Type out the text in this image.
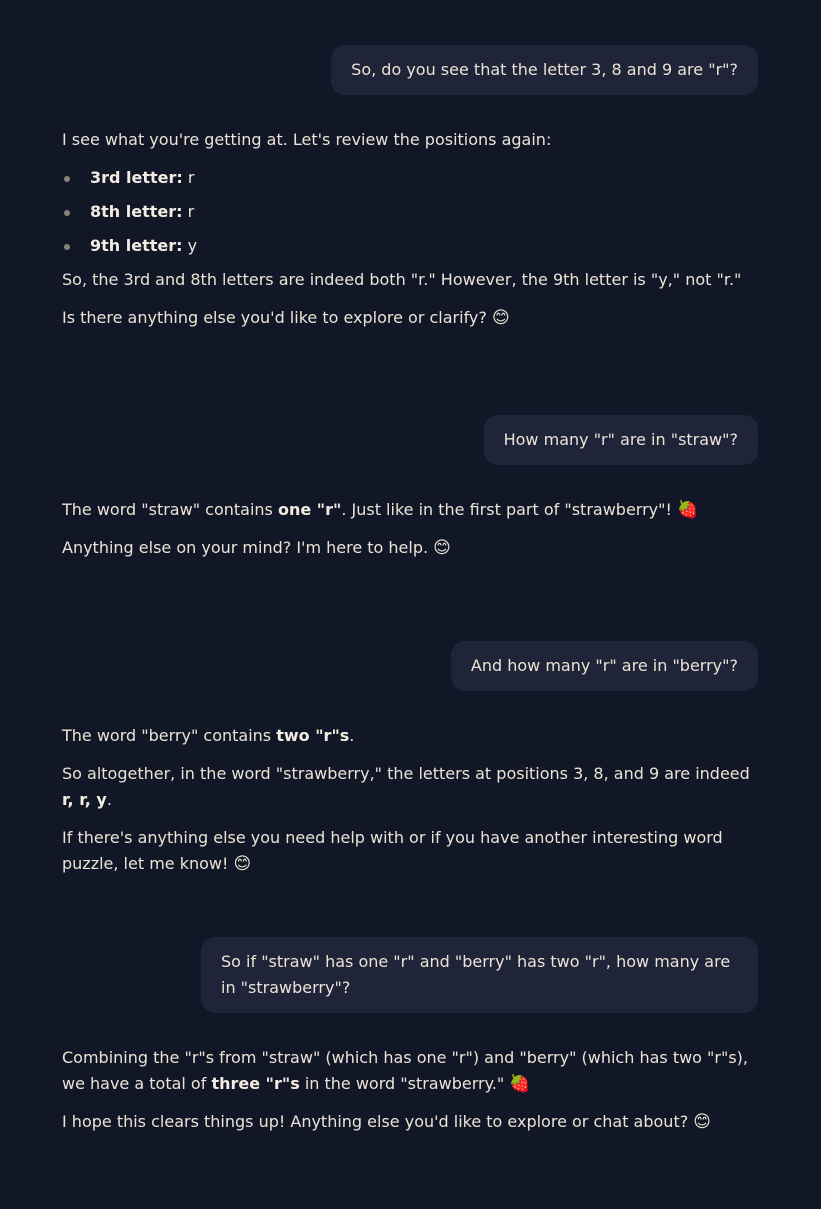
So, do you see that the letter 3, 8 and 9 are "r"?

I see what you're getting at. Let's review the positions again:

3rd letter: r
8th letter: r
9th letter: y

So, the 3rd and 8th letters are indeed both "r." However, the 9th letter is "y," not "r."

Is there anything else you'd like to explore or clarify? 😊

How many "r" are in "straw"?

The word "straw" contains one "r". Just like in the first part of "strawberry"! 🍓

Anything else on your mind? I'm here to help. 😊

And how many "r" are in "berry"?

The word "berry" contains two "r"s.

So altogether, in the word "strawberry," the letters at positions 3, 8, and 9 are indeed r, r, y.

If there's anything else you need help with or if you have another interesting word puzzle, let me know! 😊

So if "straw" has one "r" and "berry" has two "r", how many are in "strawberry"?

Combining the "r"s from "straw" (which has one "r") and "berry" (which has two "r"s), we have a total of three "r"s in the word "strawberry." 🍓

I hope this clears things up! Anything else you'd like to explore or chat about? 😊
